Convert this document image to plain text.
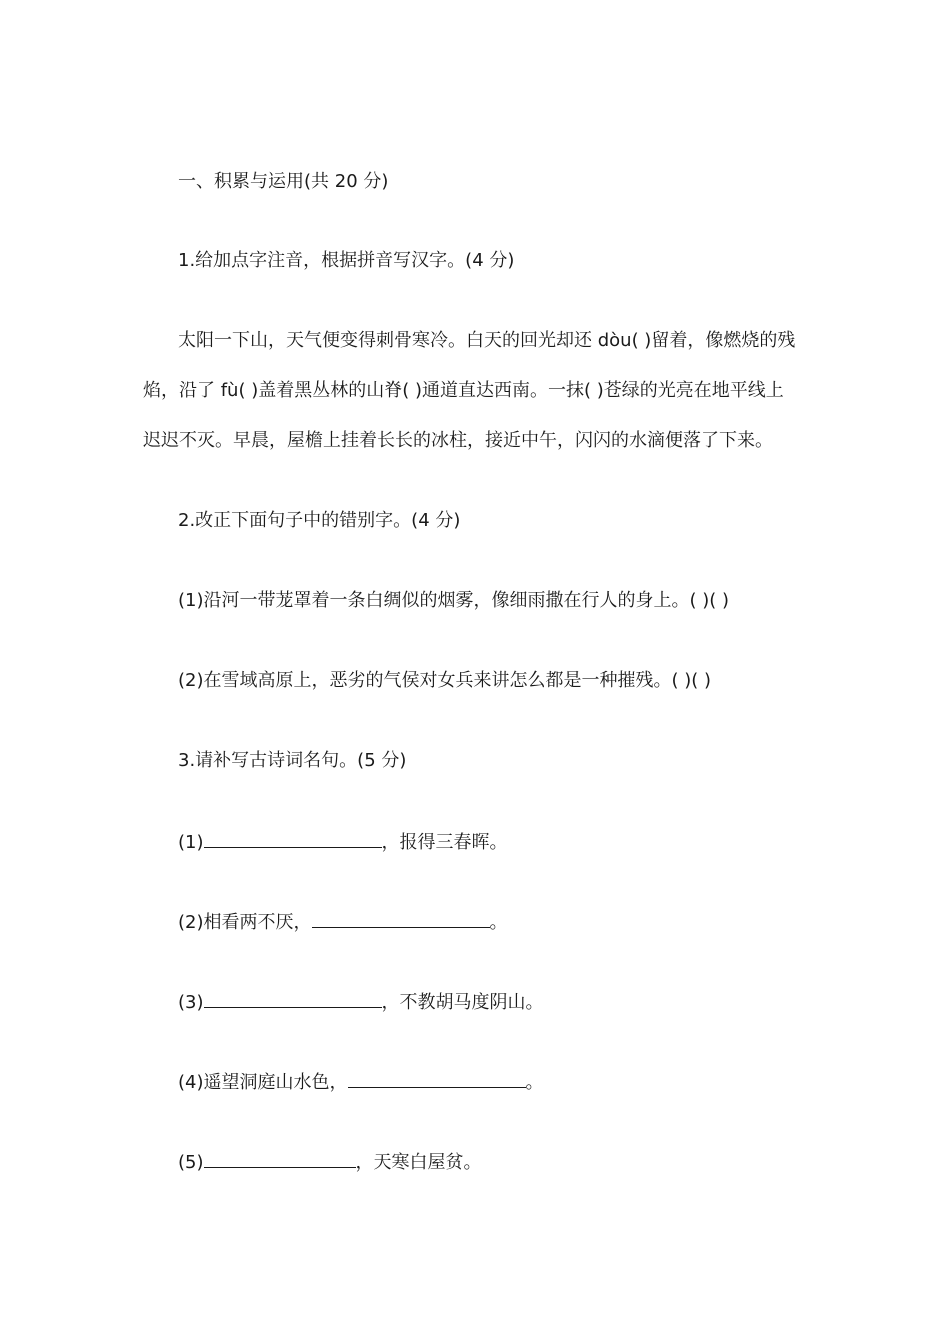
一、积累与运用(共 20 分)
1.给加点字注音，根据拼音写汉字。(4 分)
太阳一下山，天气便变得刺骨寒冷。白天的回光却还 dòu( )留着，像燃烧的残
焰，沿了 fù( )盖着黑丛林的山脊( )通道直达西南。一抹( )苍绿的光亮在地平线上
迟迟不灭。早晨，屋檐上挂着长长的冰柱，接近中午，闪闪的水滴便落了下来。
2.改正下面句子中的错别字。(4 分)
(1)沿河一带茏罩着一条白绸似的烟雾，像细雨撒在行人的身上。( )( )
(2)在雪域高原上，恶劣的气侯对女兵来讲怎么都是一种摧残。( )( )
3.请补写古诗词名句。(5 分)
(1)	，报得三春晖。
(2)相看两不厌，	。
(3)	，不教胡马度阴山。
(4)遥望洞庭山水色，	。
(5)	，天寒白屋贫。
